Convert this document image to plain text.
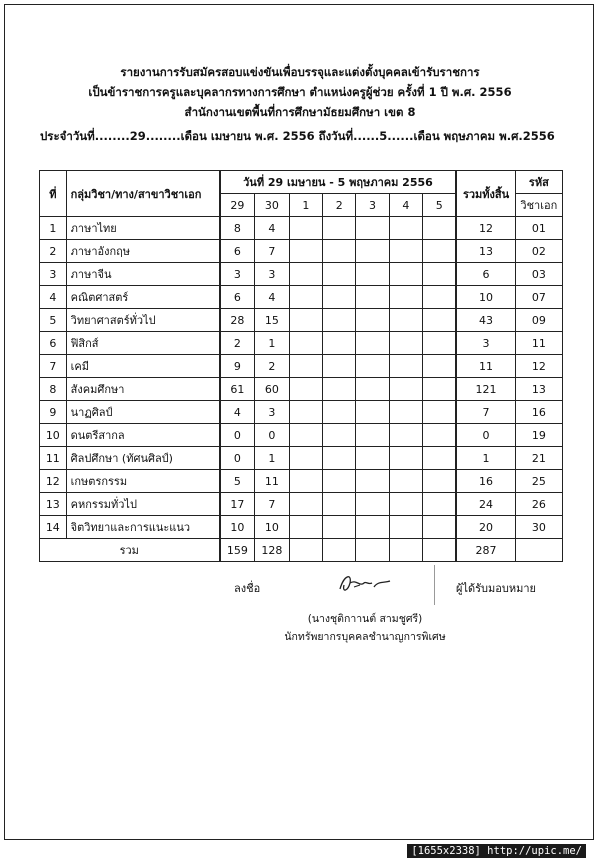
รายงานการรับสมัครสอบแข่งขันเพื่อบรรจุและแต่งตั้งบุคคลเข้ารับราชการ
เป็นข้าราชการครูและบุคลากรทางการศึกษา ตำแหน่งครูผู้ช่วย ครั้งที่ 1 ปี พ.ศ. 2556
สำนักงานเขตพื้นที่การศึกษามัธยมศึกษา เขต 8
ประจำวันที่........29........เดือน เมษายน พ.ศ. 2556 ถึงวันที่......5......เดือน พฤษภาคม พ.ศ.2556
ที่	กลุ่มวิชา/ทาง/สาขาวิชาเอก	วันที่ 29 เมษายน - 5 พฤษภาคม 2556							รวมทั้งสิ้น	รหัส
		29	30	1	2	3	4	5		วิชาเอก
1	ภาษาไทย	8	4						12	01
2	ภาษาอังกฤษ	6	7						13	02
3	ภาษาจีน	3	3						6	03
4	คณิตศาสตร์	6	4						10	07
5	วิทยาศาสตร์ทั่วไป	28	15						43	09
6	ฟิสิกส์	2	1						3	11
7	เคมี	9	2						11	12
8	สังคมศึกษา	61	60						121	13
9	นาฏศิลป์	4	3						7	16
10	ดนตรีสากล	0	0						0	19
11	ศิลปศึกษา (ทัศนศิลป์)	0	1						1	21
12	เกษตรกรรม	5	11						16	25
13	คหกรรมทั่วไป	17	7						24	26
14	จิตวิทยาและการแนะแนว	10	10						20	30
รวม		159	128						287	
ลงชื่อ	ผู้ได้รับมอบหมาย
(นางชุติกาานต์ สามชูศรี)
นักทรัพยากรบุคคลชำนาญการพิเศษ
[1655x2338] http://upic.me/
